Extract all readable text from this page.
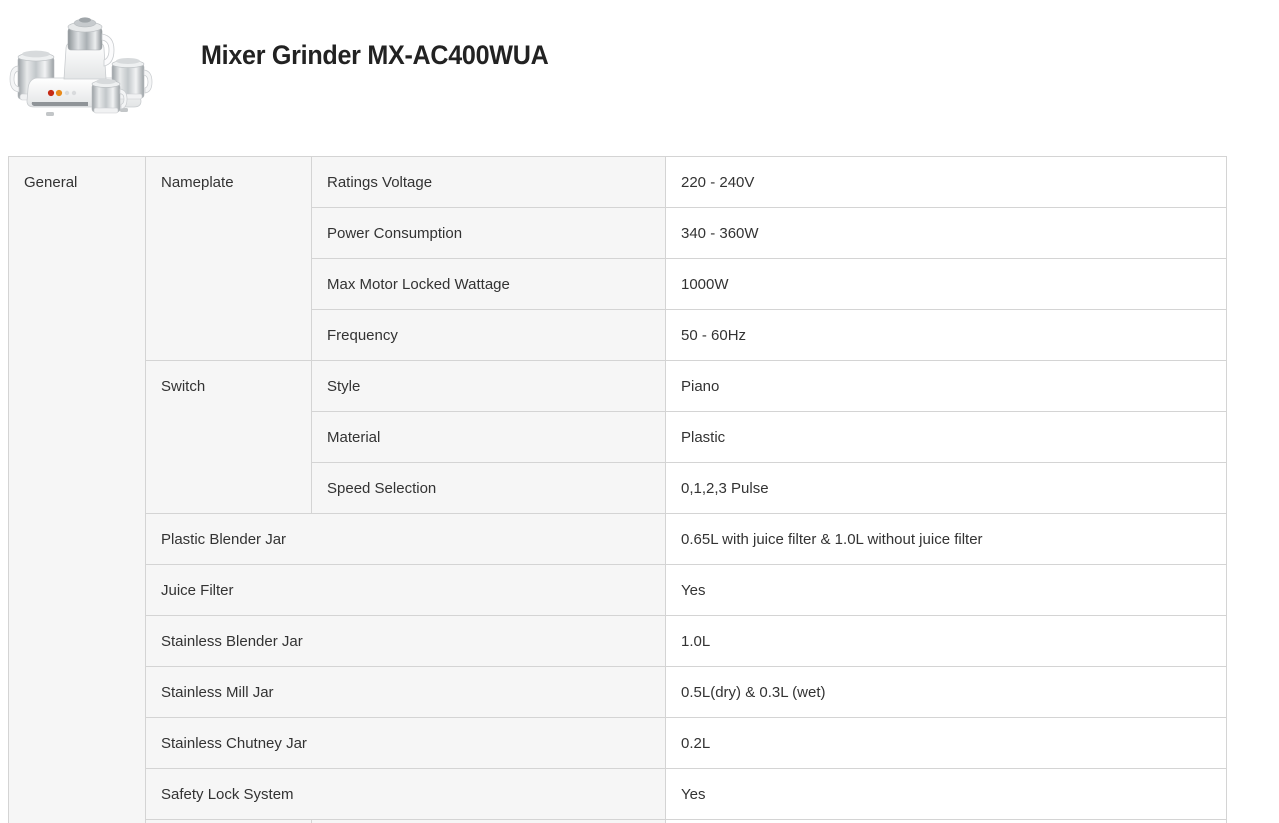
Mixer Grinder MX-AC400WUA
General	Nameplate	Ratings Voltage	220 - 240V
		Power Consumption	340 - 360W
		Max Motor Locked Wattage	1000W
		Frequency	50 - 60Hz
	Switch	Style	Piano
		Material	Plastic
		Speed Selection	0,1,2,3 Pulse
	Plastic Blender Jar		0.65L with juice filter & 1.0L without juice filter
	Juice Filter		Yes
	Stainless Blender Jar		1.0L
	Stainless Mill Jar		0.5L(dry) & 0.3L (wet)
	Stainless Chutney Jar		0.2L
	Safety Lock System		Yes
